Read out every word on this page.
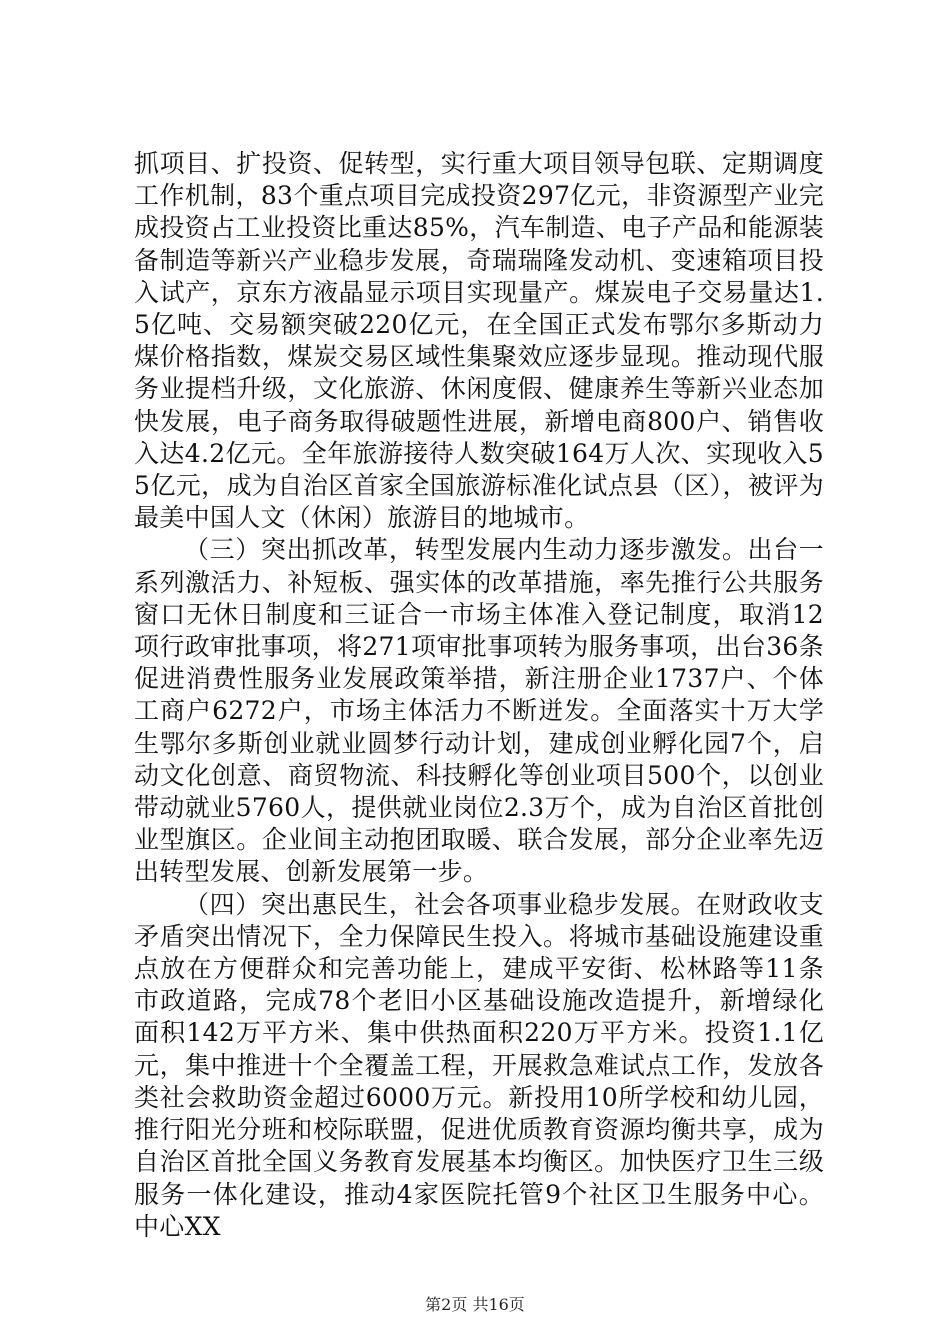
抓项目、扩投资、促转型，实行重大项目领导包联、定期调度工作机制，83个重点项目完成投资297亿元，非资源型产业完成投资占工业投资比重达85%，汽车制造、电子产品和能源装备制造等新兴产业稳步发展，奇瑞瑞隆发动机、变速箱项目投入试产，京东方液晶显示项目实现量产。煤炭电子交易量达1.5亿吨、交易额突破220亿元，在全国正式发布鄂尔多斯动力煤价格指数，煤炭交易区域性集聚效应逐步显现。推动现代服务业提档升级，文化旅游、休闲度假、健康养生等新兴业态加快发展，电子商务取得破题性进展，新增电商800户、销售收入达4.2亿元。全年旅游接待人数突破164万人次、实现收入55亿元，成为自治区首家全国旅游标准化试点县（区），被评为最美中国人文（休闲）旅游目的地城市。

（三）突出抓改革，转型发展内生动力逐步激发。出台一系列激活力、补短板、强实体的改革措施，率先推行公共服务窗口无休日制度和三证合一市场主体准入登记制度，取消12项行政审批事项，将271项审批事项转为服务事项，出台36条促进消费性服务业发展政策举措，新注册企业1737户、个体工商户6272户，市场主体活力不断迸发。全面落实十万大学生鄂尔多斯创业就业圆梦行动计划，建成创业孵化园7个，启动文化创意、商贸物流、科技孵化等创业项目500个，以创业带动就业5760人，提供就业岗位2.3万个，成为自治区首批创业型旗区。企业间主动抱团取暖、联合发展，部分企业率先迈出转型发展、创新发展第一步。

（四）突出惠民生，社会各项事业稳步发展。在财政收支矛盾突出情况下，全力保障民生投入。将城市基础设施建设重点放在方便群众和完善功能上，建成平安街、松林路等11条市政道路，完成78个老旧小区基础设施改造提升，新增绿化面积142万平方米、集中供热面积220万平方米。投资1.1亿元，集中推进十个全覆盖工程，开展救急难试点工作，发放各类社会救助资金超过6000万元。新投用10所学校和幼儿园，推行阳光分班和校际联盟，促进优质教育资源均衡共享，成为自治区首批全国义务教育发展基本均衡区。加快医疗卫生三级服务一体化建设，推动4家医院托管9个社区卫生服务中心。中心XX

第2页 共16页
